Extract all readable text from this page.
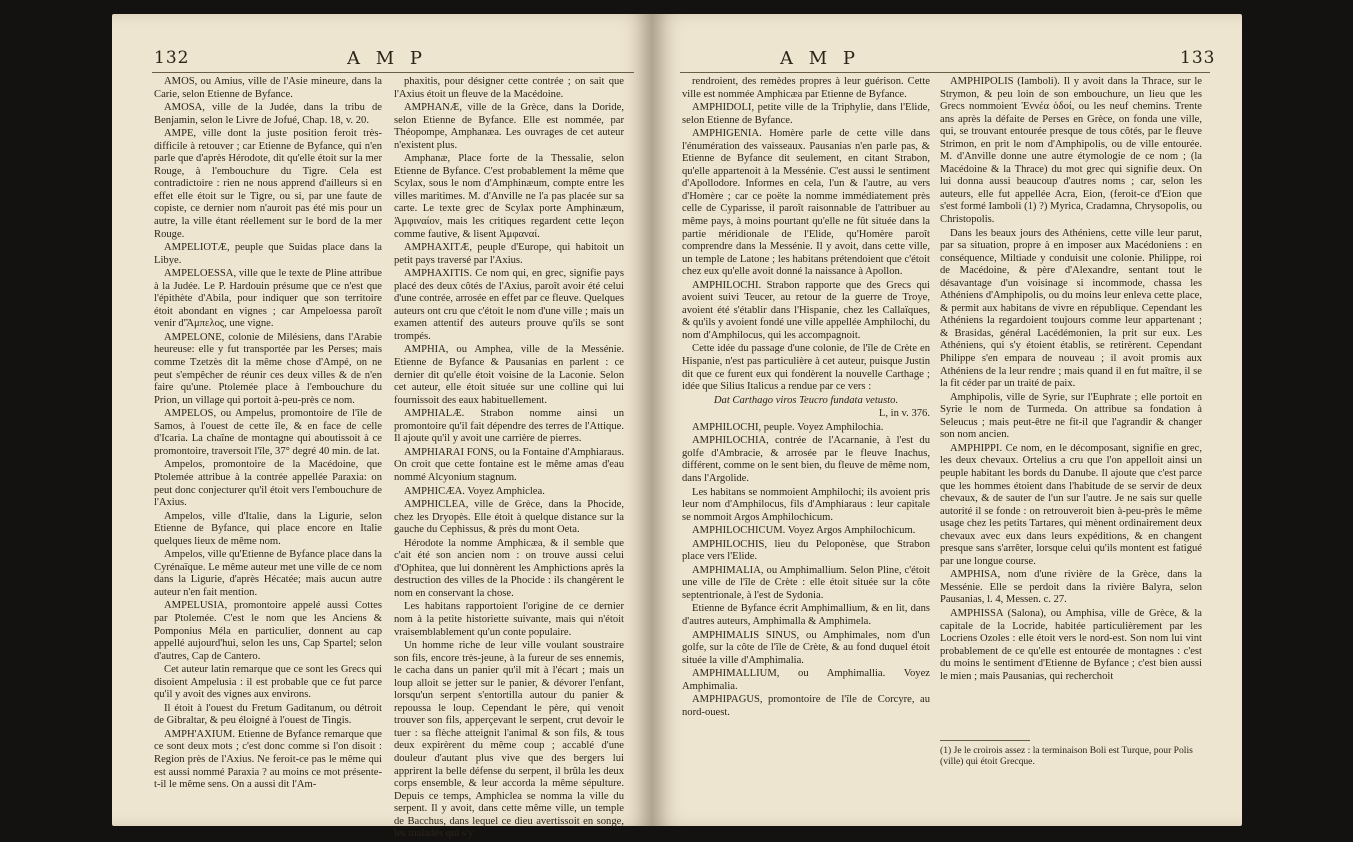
132	A M P

AMOS, ou Amius, ville de l'Asie mineure, dans la Carie, selon Etienne de Byfance.

AMOSA, ville de la Judée, dans la tribu de Benjamin, selon le Livre de Jofué, Chap. 18, v. 20.

AMPE, ville dont la juste position feroit très-difficile à retouver ; car Etienne de Byfance, qui n'en parle que d'après Hérodote, dit qu'elle étoit sur la mer Rouge, à l'embouchure du Tigre. Cela est contradictoire : rien ne nous apprend d'ailleurs si en effet elle étoit sur le Tigre, ou si, par une faute de copiste, ce dernier nom n'auroit pas été mis pour un autre, la ville étant réellement sur le bord de la mer Rouge.

AMPELIOTÆ, peuple que Suidas place dans la Libye.

AMPELOESSA, ville que le texte de Pline attribue à la Judée. Le P. Hardouin présume que ce n'est que l'épithète d'Abila, pour indiquer que son territoire étoit abondant en vignes ; car Ampeloessa paroît venir d'Ἄμπελος, une vigne.

AMPELONE, colonie de Milésiens, dans l'Arabie heureuse: elle y fut transportée par les Perses; mais comme Tzetzès dit la même chose d'Ampé, on ne peut s'empêcher de réunir ces deux villes & de n'en faire qu'une. Ptolemée place à l'embouchure du Prion, un village qui portoit à-peu-près ce nom.

AMPELOS, ou Ampelus, promontoire de l'île de Samos, à l'ouest de cette île, & en face de celle d'Icaria. La chaîne de montagne qui aboutissoit à ce promontoire, traversoit l'île, 37° degré 40 min. de lat.

Ampelos, promontoire de la Macédoine, que Ptolemée attribue à la contrée appellée Paraxia: on peut donc conjecturer qu'il étoit vers l'embouchure de l'Axius.

Ampelos, ville d'Italie, dans la Ligurie, selon Etienne de Byfance, qui place encore en Italie quelques lieux de même nom.

Ampelos, ville qu'Etienne de Byfance place dans la Cyrénaïque. Le même auteur met une ville de ce nom dans la Ligurie, d'après Hécatée; mais aucun autre auteur n'en fait mention.

AMPELUSIA, promontoire appelé aussi Cottes par Ptolemée. C'est le nom que les Anciens & Pomponius Méla en particulier, donnent au cap appellé aujourd'hui, selon les uns, Cap Spartel; selon d'autres, Cap de Cantero.

Cet auteur latin remarque que ce sont les Grecs qui disoient Ampelusia : il est probable que ce fut parce qu'il y avoit des vignes aux environs.

Il étoit à l'ouest du Fretum Gaditanum, ou détroit de Gibraltar, & peu éloigné à l'ouest de Tingis.

AMPH'AXIUM. Etienne de Byfance remarque que ce sont deux mots ; c'est donc comme si l'on disoit : Region près de l'Axius. Ne feroit-ce pas le même qui est aussi nommé Paraxia ? au moins ce mot présente-t-il le même sens. On a aussi dit l'Am-

phaxitis, pour désigner cette contrée ; on sait que l'Axius étoit un fleuve de la Macédoine.

AMPHANÆ, ville de la Grèce, dans la Doride, selon Etienne de Byfance. Elle est nommée, par Théopompe, Amphanæa. Les ouvrages de cet auteur n'existent plus.

Amphanæ, Place forte de la Thessalie, selon Etienne de Byfance. C'est probablement la même que Scylax, sous le nom d'Amphinæum, compte entre les villes maritimes. M. d'Anville ne l'a pas placée sur sa carte. Le texte grec de Scylax porte Amphinæum, Ἀμφιναίον, mais les critiques regardent cette leçon comme fautive, & lisent Ἀμφαναί.

AMPHAXITÆ, peuple d'Europe, qui habitoit un petit pays traversé par l'Axius.

AMPHAXITIS. Ce nom qui, en grec, signifie pays placé des deux côtés de l'Axius, paroît avoir été celui d'une contrée, arrosée en effet par ce fleuve. Quelques auteurs ont cru que c'étoit le nom d'une ville ; mais un examen attentif des auteurs prouve qu'ils se sont trompés.

AMPHIA, ou Amphea, ville de la Messénie. Etienne de Byfance & Pausanias en parlent : ce dernier dit qu'elle étoit voisine de la Laconie. Selon cet auteur, elle étoit située sur une colline qui lui fournissoit des eaux habituellement.

AMPHIALÆ. Strabon nomme ainsi un promontoire qu'il fait dépendre des terres de l'Attique. Il ajoute qu'il y avoit une carrière de pierres.

AMPHIARAI FONS, ou la Fontaine d'Amphiaraus. On croit que cette fontaine est le même amas d'eau nommé Alcyonium stagnum.

AMPHICÆA. Voyez Amphiclea.

AMPHICLEA, ville de Grèce, dans la Phocide, chez les Dryopès. Elle étoit à quelque distance sur la gauche du Cephissus, & près du mont Oeta.

Hérodote la nomme Amphicæa, & il semble que c'ait été son ancien nom : on trouve aussi celui d'Ophitea, que lui donnèrent les Amphictions après la destruction des villes de la Phocide : ils changèrent le nom en conservant la chose.

Les habitans rapportoient l'origine de ce dernier nom à la petite historiette suivante, mais qui n'étoit vraisemblablement qu'un conte populaire.

Un homme riche de leur ville voulant soustraire son fils, encore très-jeune, à la fureur de ses ennemis, le cacha dans un panier qu'il mit à l'écart ; mais un loup alloit se jetter sur le panier, & dévorer l'enfant, lorsqu'un serpent s'entortilla autour du panier & repoussa le loup. Cependant le père, qui venoit trouver son fils, apperçevant le serpent, crut devoir le tuer : sa flèche atteignit l'animal & son fils, & tous deux expirèrent du même coup ; accablé d'une douleur d'autant plus vive que des bergers lui apprirent la belle défense du serpent, il brûla les deux corps ensemble, & leur accorda la même sépulture. Depuis ce temps, Amphiclea se nomma la ville du serpent. Il y avoit, dans cette même ville, un temple de Bacchus, dans lequel ce dieu avertissoit en songe, les malades qui s'y

A M P	133

rendroient, des remèdes propres à leur guérison. Cette ville est nommée Amphicæa par Etienne de Byfance.

AMPHIDOLI, petite ville de la Triphylie, dans l'Elide, selon Etienne de Byfance.

AMPHIGENIA. Homère parle de cette ville dans l'énumération des vaisseaux. Pausanias n'en parle pas, & Etienne de Byfance dit seulement, en citant Strabon, qu'elle appartenoit à la Messénie. C'est aussi le sentiment d'Apollodore. Informes en cela, l'un & l'autre, au vers d'Homère ; car ce poëte la nomme immédiatement près celle de Cyparisse, il paroît raisonnable de l'attribuer au même pays, à moins pourtant qu'elle ne fût située dans la partie méridionale de l'Elide, qu'Homère paroît comprendre dans la Messénie. Il y avoit, dans cette ville, un temple de Latone ; les habitans prétendoient que c'étoit chez eux qu'elle avoit donné la naissance à Apollon.

AMPHILOCHI. Strabon rapporte que des Grecs qui avoient suivi Teucer, au retour de la guerre de Troye, avoient été s'établir dans l'Hispanie, chez les Callaïques, & qu'ils y avoient fondé une ville appellée Amphilochi, du nom d'Amphilocus, qui les accompagnoit.

Cette idée du passage d'une colonie, de l'île de Crète en Hispanie, n'est pas particulière à cet auteur, puisque Justin dit que ce furent eux qui fondèrent la nouvelle Carthage ; idée que Silius Italicus a rendue par ce vers :

Dat Carthago viros Teucro fundata vetusto.

L, in v. 376.

AMPHILOCHI, peuple. Voyez Amphilochia.

AMPHILOCHIA, contrée de l'Acarnanie, à l'est du golfe d'Ambracie, & arrosée par le fleuve Inachus, différent, comme on le sent bien, du fleuve de même nom, dans l'Argolide.

Les habitans se nommoient Amphilochi; ils avoient pris leur nom d'Amphilocus, fils d'Amphiaraus : leur capitale se nommoit Argos Amphilochicum.

AMPHILOCHICUM. Voyez Argos Amphilochicum.

AMPHILOCHIS, lieu du Peloponèse, que Strabon place vers l'Elide.

AMPHIMALIA, ou Amphimallium. Selon Pline, c'étoit une ville de l'île de Crète : elle étoit située sur la côte septentrionale, à l'est de Sydonia.

Etienne de Byfance écrit Amphimallium, & en lit, dans d'autres auteurs, Amphimalla & Amphimela.

AMPHIMALIS SINUS, ou Amphimales, nom d'un golfe, sur la côte de l'île de Crète, & au fond duquel étoit située la ville d'Amphimalia.

AMPHIMALLIUM, ou Amphimallia. Voyez Amphimalia.

AMPHIPAGUS, promontoire de l'île de Corcyre, au nord-ouest.

AMPHIPOLIS (Iamboli). Il y avoit dans la Thrace, sur le Strymon, & peu loin de son embouchure, un lieu que les Grecs nommoient Ἐννέα ὁδοί, ou les neuf chemins. Trente ans après la défaite de Perses en Grèce, on fonda une ville, qui, se trouvant entourée presque de tous côtés, par le fleuve Strimon, en prit le nom d'Amphipolis, ou de ville entourée. M. d'Anville donne une autre étymologie de ce nom ; (la Macédoine & la Thrace) du mot grec qui signifie deux. On lui donna aussi beaucoup d'autres noms ; car, selon les auteurs, elle fut appellée Acra, Eion, (feroit-ce d'Eion que s'est formé Iamboli (1) ?) Myrica, Cradamna, Chrysopolis, ou Christopolis.

Dans les beaux jours des Athéniens, cette ville leur parut, par sa situation, propre à en imposer aux Macédoniens : en conséquence, Miltiade y conduisit une colonie. Philippe, roi de Macédoine, & père d'Alexandre, sentant tout le désavantage d'un voisinage si incommode, chassa les Athéniens d'Amphipolis, ou du moins leur enleva cette place, & permit aux habitans de vivre en république. Cependant les Athéniens la regardoient toujours comme leur appartenant ; & Brasidas, général Lacédémonien, la prit sur eux. Les Athéniens, qui s'y étoient établis, se retirèrent. Cependant Philippe s'en empara de nouveau ; il avoit promis aux Athéniens de la leur rendre ; mais quand il en fut maître, il se la fit céder par un traité de paix.

Amphipolis, ville de Syrie, sur l'Euphrate ; elle portoit en Syrie le nom de Turmeda. On attribue sa fondation à Seleucus ; mais peut-être ne fit-il que l'agrandir & changer son nom ancien.

AMPHIPPI. Ce nom, en le décomposant, signifie en grec, les deux chevaux. Ortelius a cru que l'on appelloit ainsi un peuple habitant les bords du Danube. Il ajoute que c'est parce que les hommes étoient dans l'habitude de se servir de deux chevaux, & de sauter de l'un sur l'autre. Je ne sais sur quelle autorité il se fonde : on retrouveroit bien à-peu-près le même usage chez les petits Tartares, qui mènent ordinairement deux chevaux avec eux dans leurs expéditions, & en changent presque sans s'arrêter, lorsque celui qu'ils montent est fatigué par une longue course.

AMPHISA, nom d'une rivière de la Grèce, dans la Messénie. Elle se perdoit dans la rivière Balyra, selon Pausanias, l. 4, Messen. c. 27.

AMPHISSA (Salona), ou Amphisa, ville de Grèce, & la capitale de la Locride, habitée particulièrement par les Locriens Ozoles : elle étoit vers le nord-est. Son nom lui vint probablement de ce qu'elle est entourée de montagnes : c'est du moins le sentiment d'Etienne de Byfance ; c'est bien aussi le mien ; mais Pausanias, qui recherchoit

(1) Je le croirois assez : la terminaison Boli est Turque, pour Polis (ville) qui étoit Grecque.
